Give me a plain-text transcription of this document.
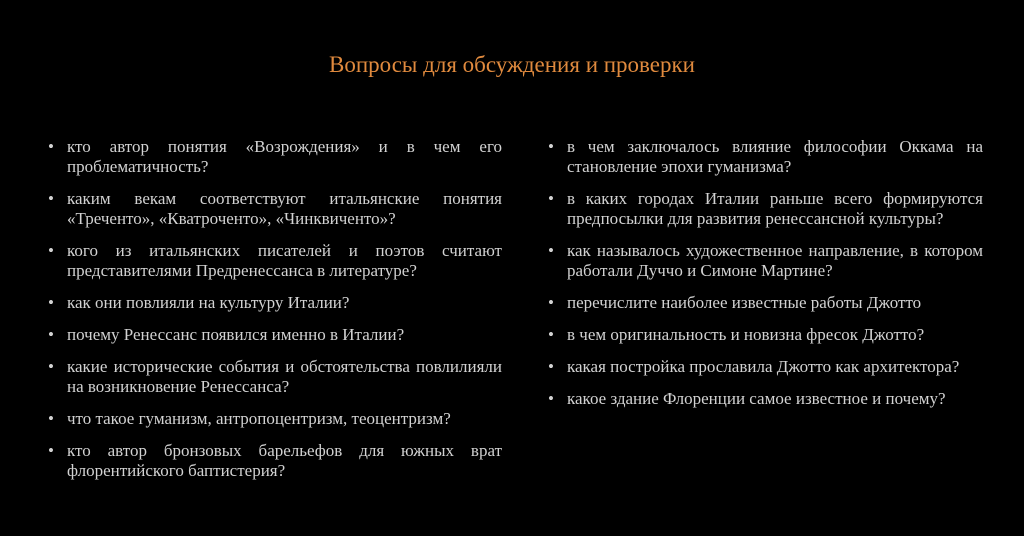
Вопросы для обсуждения и проверки
• кто автор понятия «Возрождения» и в чем его проблематичность?
• каким векам соответствуют итальянские понятия «Треченто», «Кватроченто», «Чинквиченто»?
• кого из итальянских писателей и поэтов считают представителями Предренессанса в литературе?
• как они повлияли на культуру Италии?
• почему Ренессанс появился именно в Италии?
• какие исторические события и обстоятельства повлилияли на возникновение Ренессанса?
• что такое гуманизм, антропоцентризм, теоцентризм?
• кто автор бронзовых барельефов для южных врат флорентийского баптистерия?
• в чем заключалось влияние философии Оккама на становление эпохи гуманизма?
• в каких городах Италии раньше всего формируются предпосылки для развития ренессансной культуры?
• как называлось художественное направление, в котором работали Дуччо и Симоне Мартине?
• перечислите наиболее известные работы Джотто
• в чем оригинальность и новизна фресок Джотто?
• какая постройка прославила Джотто как архитектора?
• какое здание Флоренции самое известное и почему?
